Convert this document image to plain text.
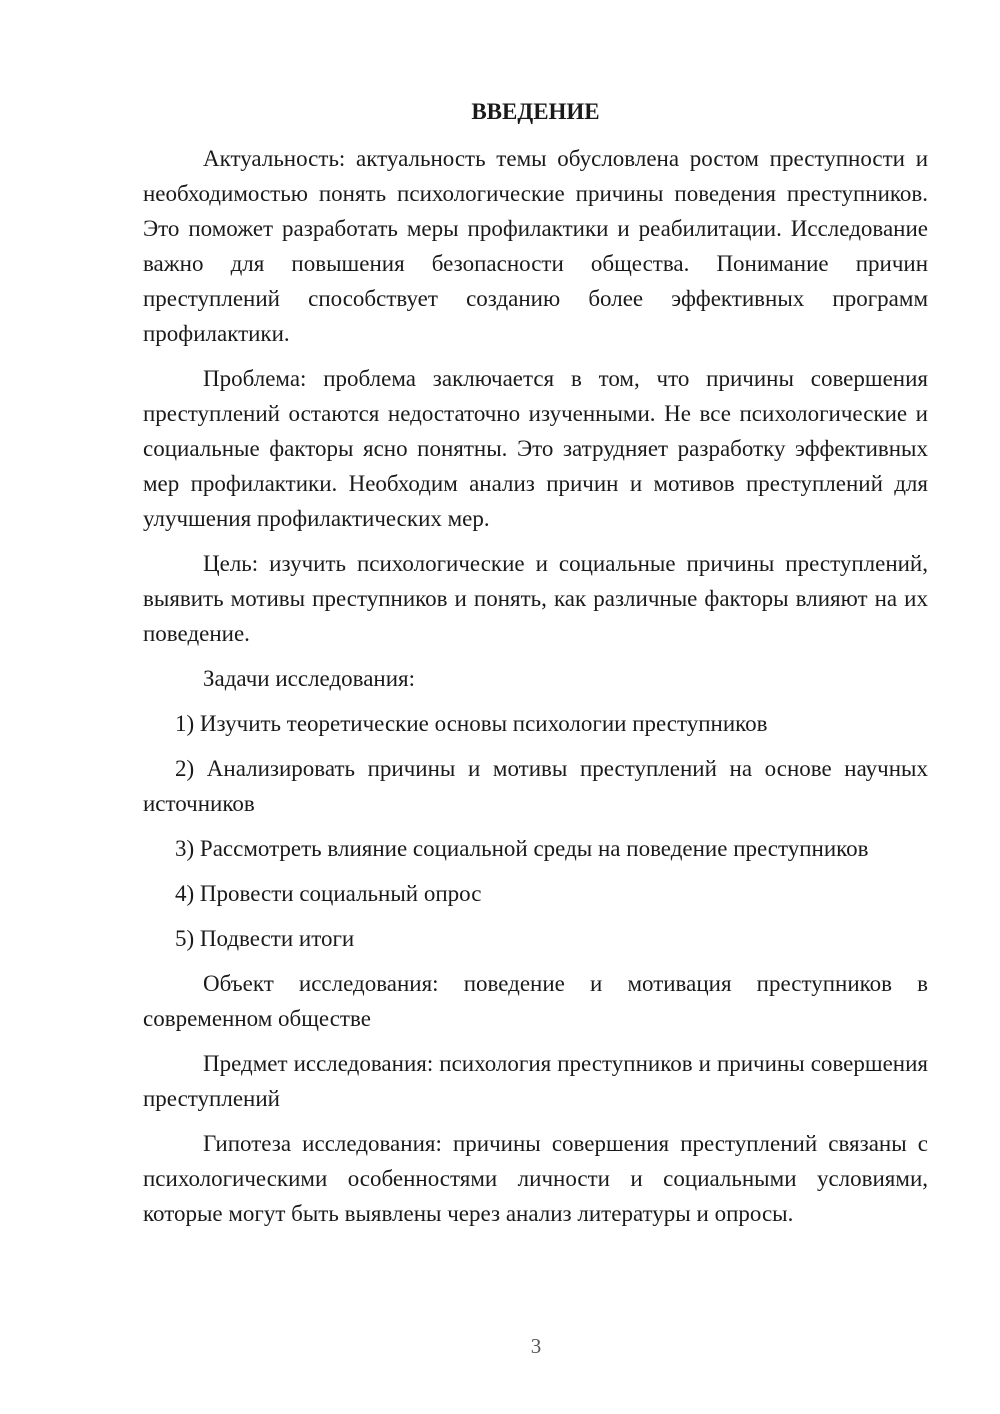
ВВЕДЕНИЕ

Актуальность: актуальность темы обусловлена ростом преступности и необходимостью понять психологические причины поведения преступников. Это поможет разработать меры профилактики и реабилитации. Исследование важно для повышения безопасности общества. Понимание причин преступлений способствует созданию более эффективных программ профилактики.

Проблема: проблема заключается в том, что причины совершения преступлений остаются недостаточно изученными. Не все психологические и социальные факторы ясно понятны. Это затрудняет разработку эффективных мер профилактики. Необходим анализ причин и мотивов преступлений для улучшения профилактических мер.

Цель: изучить психологические и социальные причины преступлений, выявить мотивы преступников и понять, как различные факторы влияют на их поведение.

Задачи исследования:

1) Изучить теоретические основы психологии преступников

2) Анализировать причины и мотивы преступлений на основе научных источников

3) Рассмотреть влияние социальной среды на поведение преступников

4) Провести социальный опрос

5) Подвести итоги

Объект исследования: поведение и мотивация преступников в современном обществе

Предмет исследования: психология преступников и причины совершения преступлений

Гипотеза исследования: причины совершения преступлений связаны с психологическими особенностями личности и социальными условиями, которые могут быть выявлены через анализ литературы и опросы.

3
